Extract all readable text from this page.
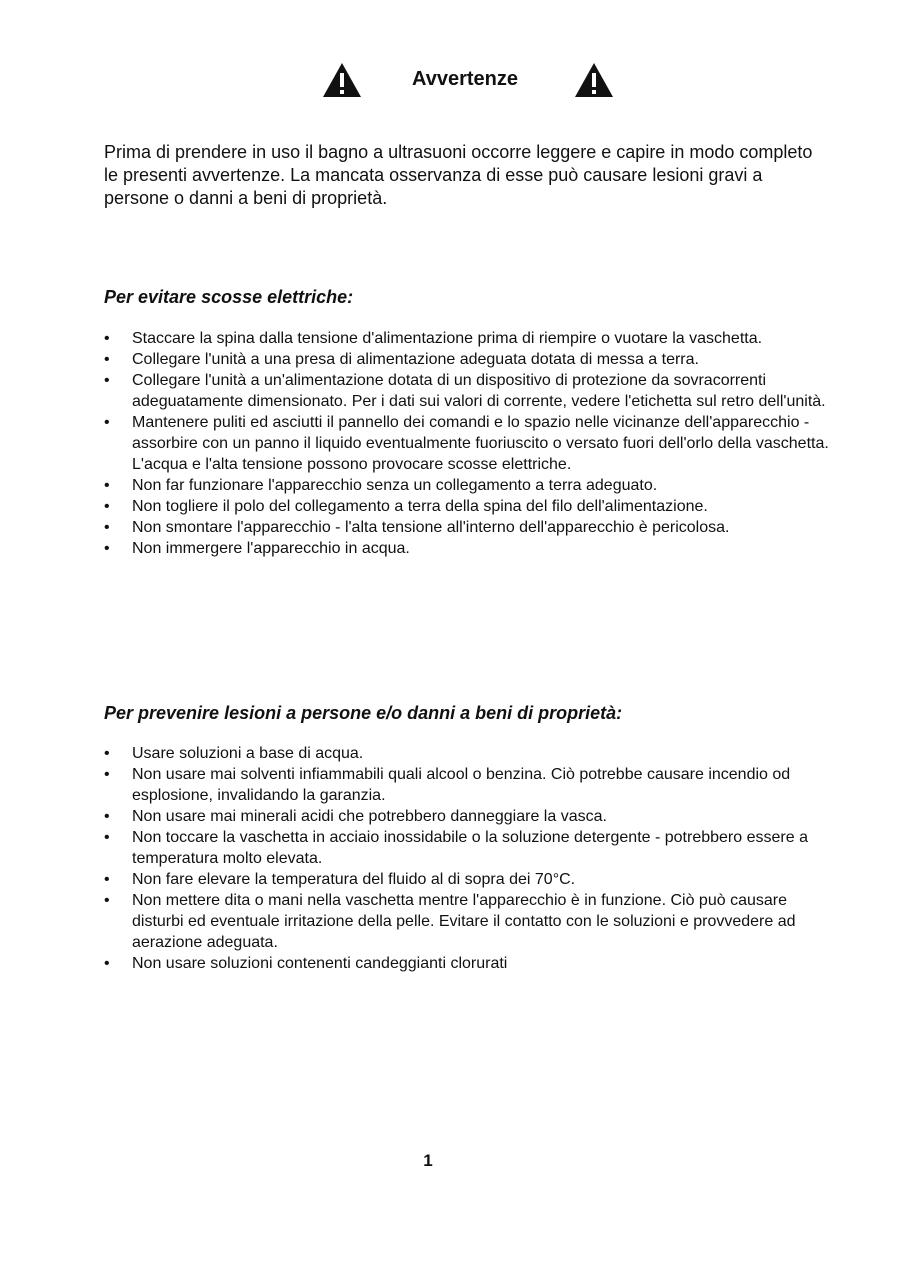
Avvertenze

Prima di prendere in uso il bagno a ultrasuoni occorre leggere e capire in modo completo le presenti avvertenze. La mancata osservanza di esse può causare lesioni gravi a persone o danni a beni di proprietà.

Per evitare scosse elettriche:
• Staccare la spina dalla tensione d'alimentazione prima di riempire o vuotare la vaschetta.
• Collegare l'unità a una presa di alimentazione adeguata dotata di messa a terra.
• Collegare l'unità a un'alimentazione dotata di un dispositivo di protezione da sovracorrenti adeguatamente dimensionato. Per i dati sui valori di corrente, vedere l'etichetta sul retro dell'unità.
• Mantenere puliti ed asciutti il pannello dei comandi e lo spazio nelle vicinanze dell'apparecchio - assorbire con un panno il liquido eventualmente fuoriuscito o versato fuori dell'orlo della vaschetta. L'acqua e l'alta tensione possono provocare scosse elettriche.
• Non far funzionare l'apparecchio senza un collegamento a terra adeguato.
• Non togliere il polo del collegamento a terra della spina del filo dell'alimentazione.
• Non smontare l'apparecchio - l'alta tensione all'interno dell'apparecchio è pericolosa.
• Non immergere l'apparecchio in acqua.
Per prevenire lesioni a persone e/o danni a beni di proprietà:
• Usare soluzioni a base di acqua.
• Non usare mai solventi infiammabili quali alcool o benzina. Ciò potrebbe causare incendio od esplosione, invalidando la garanzia.
• Non usare mai minerali acidi che potrebbero danneggiare la vasca.
• Non toccare la vaschetta in acciaio inossidabile o la soluzione detergente - potrebbero essere a temperatura molto elevata.
• Non fare elevare la temperatura del fluido al di sopra dei 70°C.
• Non mettere dita o mani nella vaschetta mentre l'apparecchio è in funzione. Ciò può causare disturbi ed eventuale irritazione della pelle. Evitare il contatto con le soluzioni e provvedere ad aerazione adeguata.
• Non usare soluzioni contenenti candeggianti clorurati
1
